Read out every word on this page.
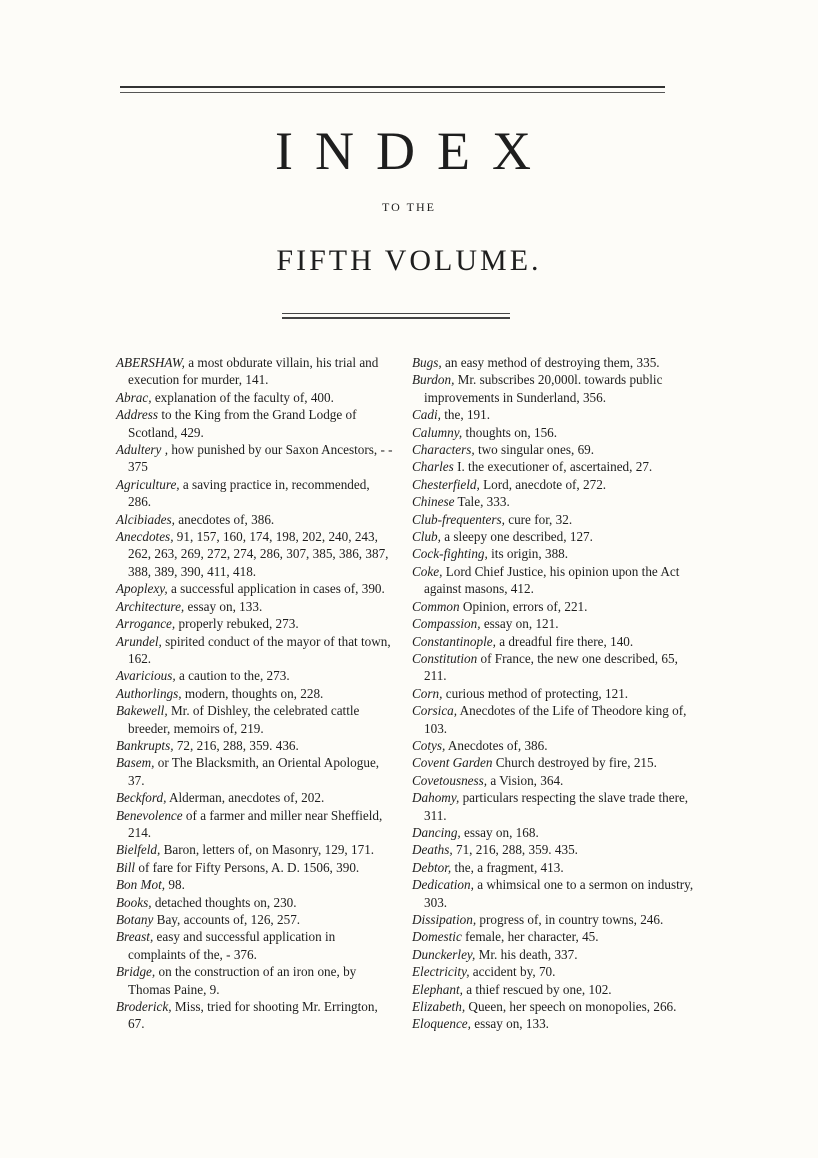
INDEX
TO THE
FIFTH VOLUME.

ABERSHAW, a most obdurate villain, his trial and execution for murder, 141.

Abrac, explanation of the faculty of, 400.

Address to the King from the Grand Lodge of Scotland, 429.

Adultery , how punished by our Saxon Ancestors, - - 375

Agriculture, a saving practice in, recommended, 286.

Alcibiades, anecdotes of, 386.

Anecdotes, 91, 157, 160, 174, 198, 202, 240, 243, 262, 263, 269, 272, 274, 286, 307, 385, 386, 387, 388, 389, 390, 411, 418.

Apoplexy, a successful application in cases of, 390.

Architecture, essay on, 133.

Arrogance, properly rebuked, 273.

Arundel, spirited conduct of the mayor of that town, 162.

Avaricious, a caution to the, 273.

Authorlings, modern, thoughts on, 228.

Bakewell, Mr. of Dishley, the celebrated cattle breeder, memoirs of, 219.

Bankrupts, 72, 216, 288, 359. 436.

Basem, or The Blacksmith, an Oriental Apologue, 37.

Beckford, Alderman, anecdotes of, 202.

Benevolence of a farmer and miller near Sheffield, 214.

Bielfeld, Baron, letters of, on Masonry, 129, 171.

Bill of fare for Fifty Persons, A. D. 1506, 390.

Bon Mot, 98.

Books, detached thoughts on, 230.

Botany Bay, accounts of, 126, 257.

Breast, easy and successful application in complaints of the, - 376.

Bridge, on the construction of an iron one, by Thomas Paine, 9.

Broderick, Miss, tried for shooting Mr. Errington, 67.

Bugs, an easy method of destroying them, 335.

Burdon, Mr. subscribes 20,000l. towards public improvements in Sunderland, 356.

Cadi, the, 191.

Calumny, thoughts on, 156.

Characters, two singular ones, 69.

Charles I. the executioner of, ascertained, 27.

Chesterfield, Lord, anecdote of, 272.

Chinese Tale, 333.

Club-frequenters, cure for, 32.

Club, a sleepy one described, 127.

Cock-fighting, its origin, 388.

Coke, Lord Chief Justice, his opinion upon the Act against masons, 412.

Common Opinion, errors of, 221.

Compassion, essay on, 121.

Constantinople, a dreadful fire there, 140.

Constitution of France, the new one described, 65, 211.

Corn, curious method of protecting, 121.

Corsica, Anecdotes of the Life of Theodore king of, 103.

Cotys, Anecdotes of, 386.

Covent Garden Church destroyed by fire, 215.

Covetousness, a Vision, 364.

Dahomy, particulars respecting the slave trade there, 311.

Dancing, essay on, 168.

Deaths, 71, 216, 288, 359. 435.

Debtor, the, a fragment, 413.

Dedication, a whimsical one to a sermon on industry, 303.

Dissipation, progress of, in country towns, 246.

Domestic female, her character, 45.

Dunckerley, Mr. his death, 337.

Electricity, accident by, 70.

Elephant, a thief rescued by one, 102.

Elizabeth, Queen, her speech on monopolies, 266.

Eloquence, essay on, 133.
